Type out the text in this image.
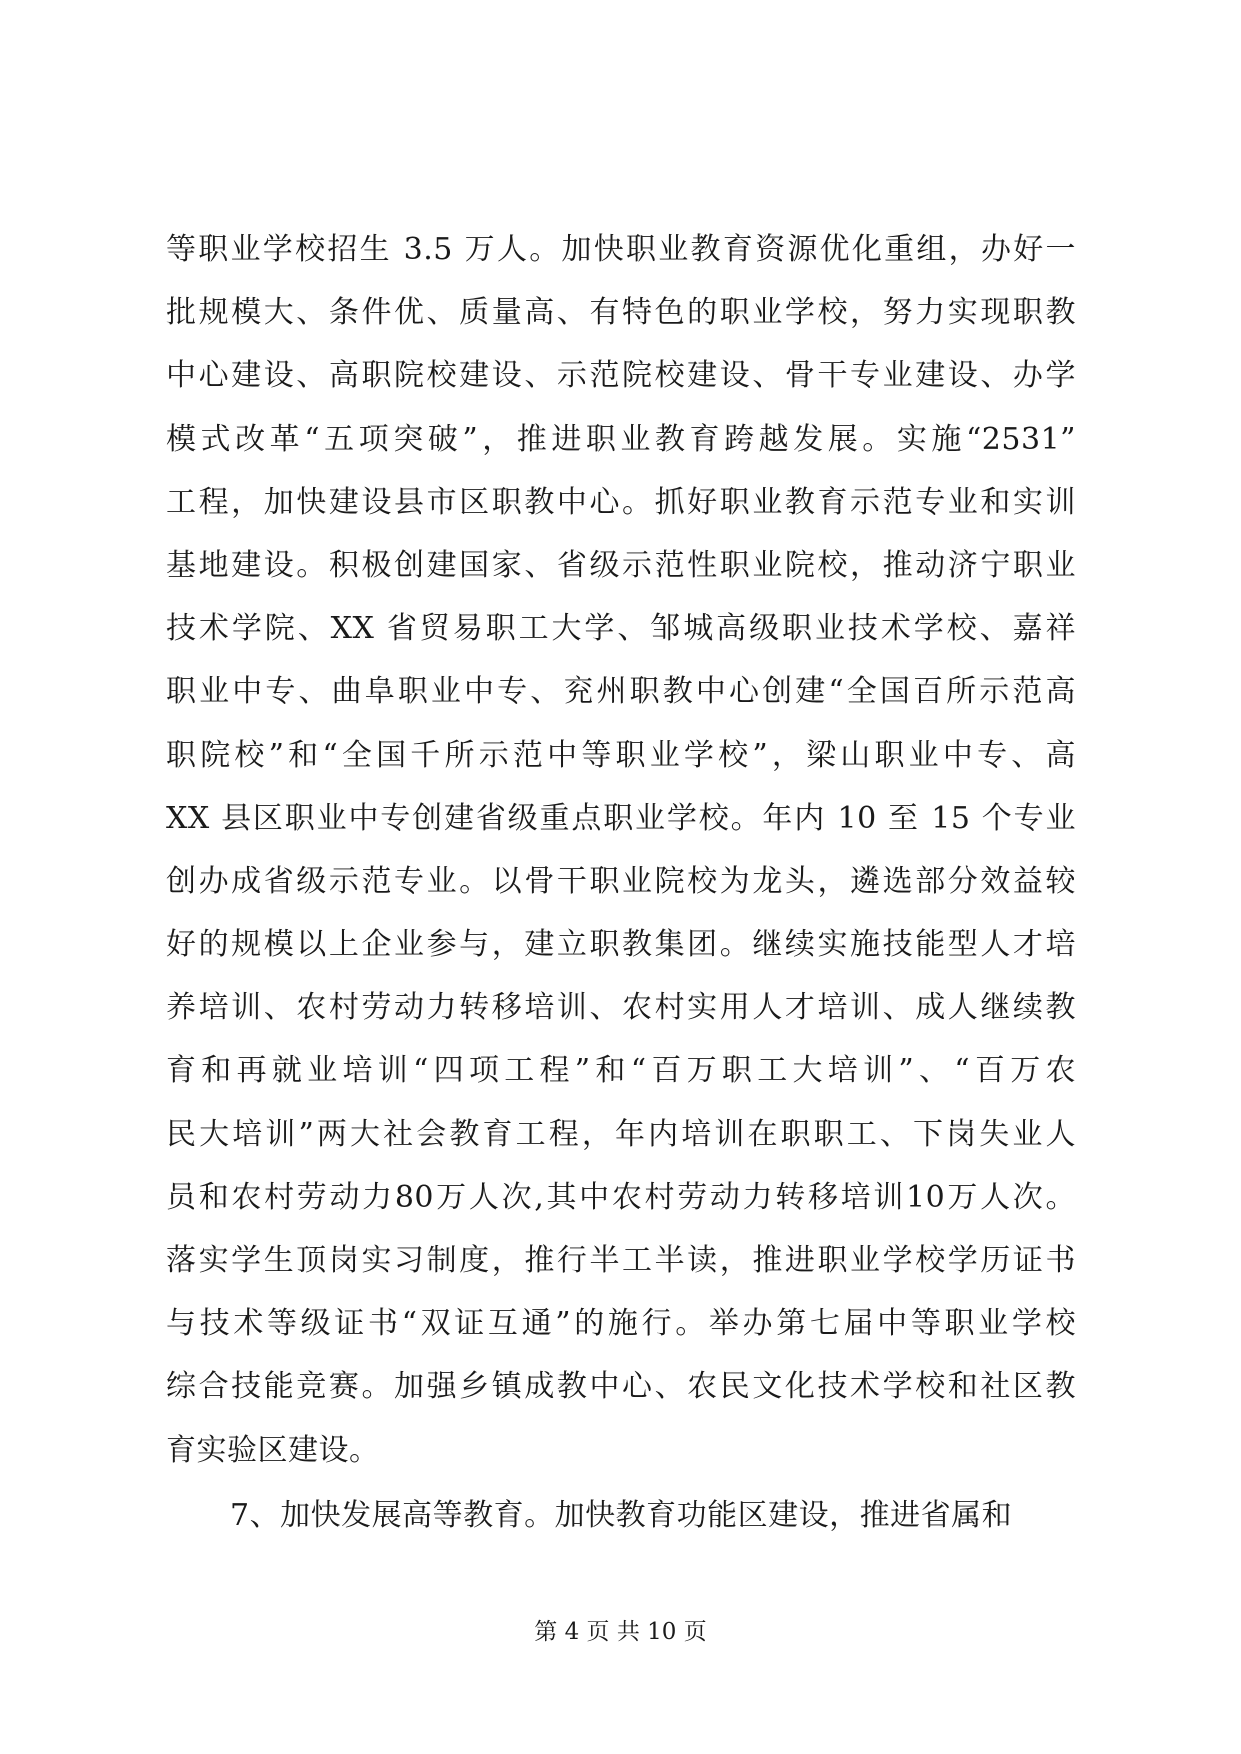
等职业学校招生 3.5 万人。加快职业教育资源优化重组，办好一
批规模大、条件优、质量高、有特色的职业学校，努力实现职教
中心建设、高职院校建设、示范院校建设、骨干专业建设、办学
模式改革“五项突破”，推进职业教育跨越发展。实施“2531”
工程，加快建设县市区职教中心。抓好职业教育示范专业和实训
基地建设。积极创建国家、省级示范性职业院校，推动济宁职业
技术学院、XX 省贸易职工大学、邹城高级职业技术学校、嘉祥
职业中专、曲阜职业中专、兖州职教中心创建“全国百所示范高
职院校”和“全国千所示范中等职业学校”，梁山职业中专、高
XX 县区职业中专创建省级重点职业学校。年内 10 至 15 个专业
创办成省级示范专业。以骨干职业院校为龙头，遴选部分效益较
好的规模以上企业参与，建立职教集团。继续实施技能型人才培
养培训、农村劳动力转移培训、农村实用人才培训、成人继续教
育和再就业培训“四项工程”和“百万职工大培训”、“百万农
民大培训”两大社会教育工程，年内培训在职职工、下岗失业人
员和农村劳动力80万人次,其中农村劳动力转移培训10万人次。
落实学生顶岗实习制度，推行半工半读，推进职业学校学历证书
与技术等级证书“双证互通”的施行。举办第七届中等职业学校
综合技能竞赛。加强乡镇成教中心、农民文化技术学校和社区教
育实验区建设。
7、加快发展高等教育。加快教育功能区建设，推进省属和
第 4 页 共 10 页
